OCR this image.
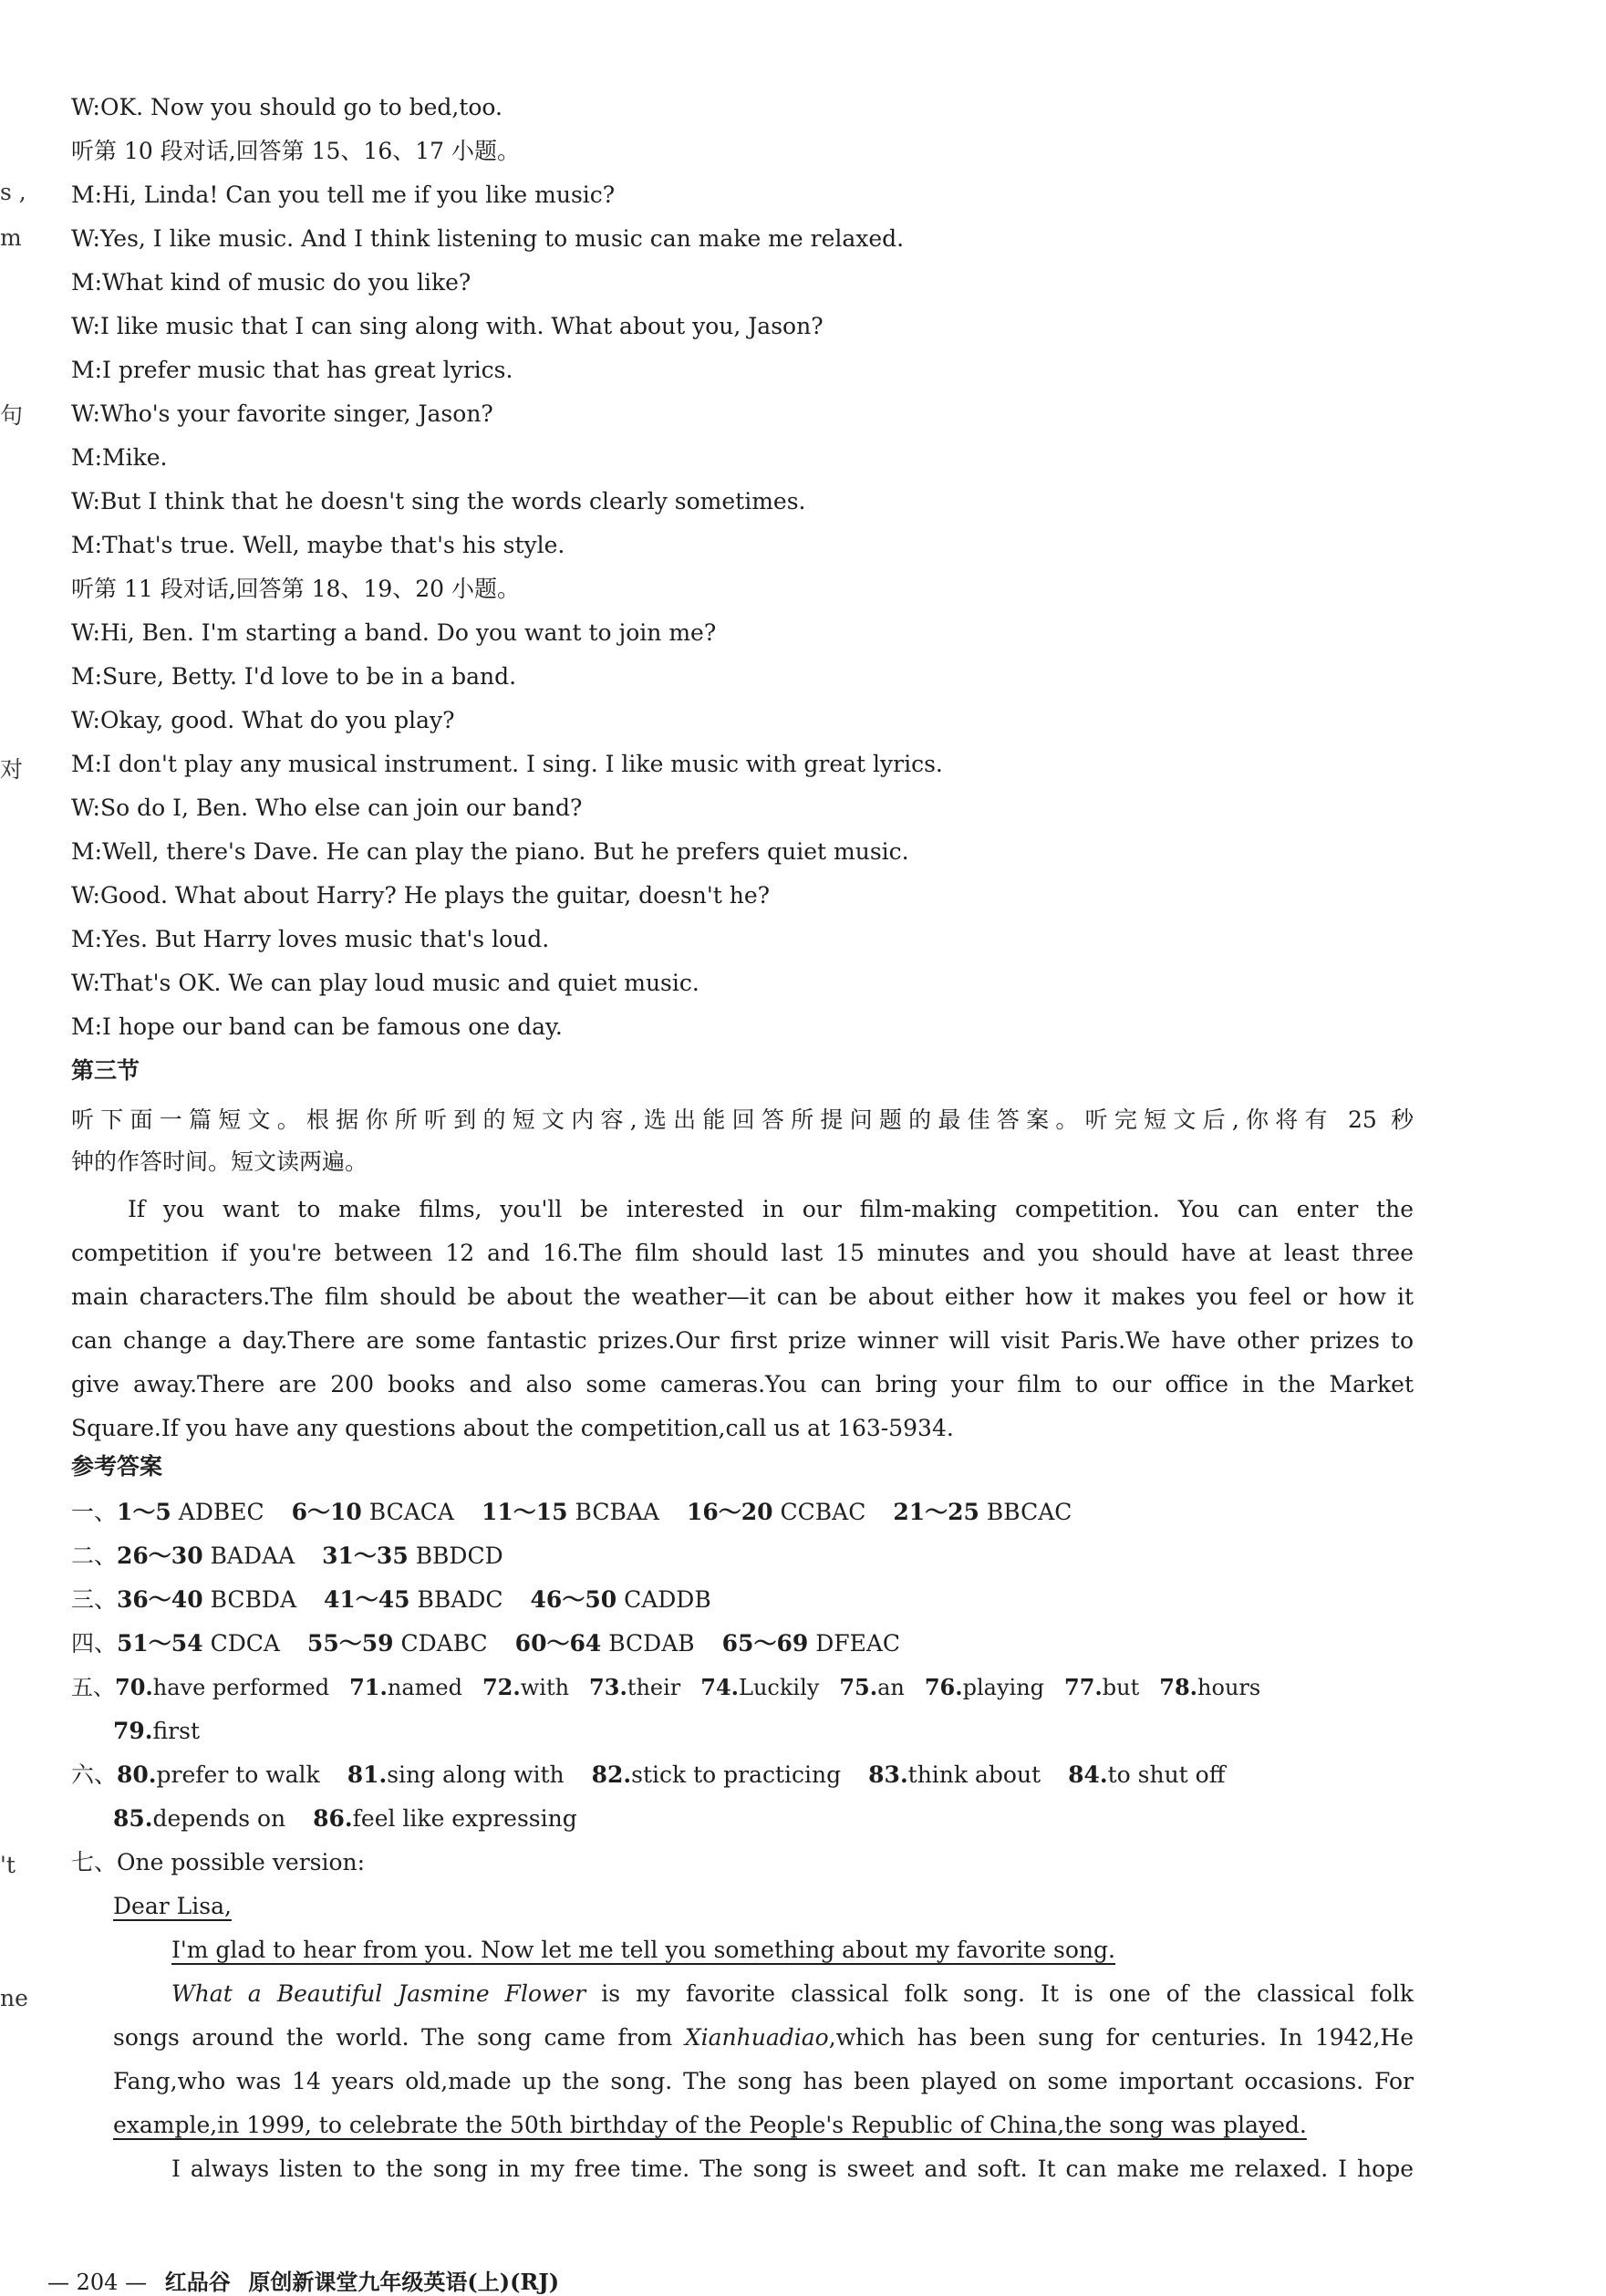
s ,
m
句
对
't
ne
W:OK. Now you should go to bed,too.
听第 10 段对话,回答第 15、16、17 小题。
M:Hi, Linda! Can you tell me if you like music?
W:Yes, I like music. And I think listening to music can make me relaxed.
M:What kind of music do you like?
W:I like music that I can sing along with. What about you, Jason?
M:I prefer music that has great lyrics.
W:Who's your favorite singer, Jason?
M:Mike.
W:But I think that he doesn't sing the words clearly sometimes.
M:That's true. Well, maybe that's his style.
听第 11 段对话,回答第 18、19、20 小题。
W:Hi, Ben. I'm starting a band. Do you want to join me?
M:Sure, Betty. I'd love to be in a band.
W:Okay, good. What do you play?
M:I don't play any musical instrument. I sing. I like music with great lyrics.
W:So do I, Ben. Who else can join our band?
M:Well, there's Dave. He can play the piano. But he prefers quiet music.
W:Good. What about Harry? He plays the guitar, doesn't he?
M:Yes. But Harry loves music that's loud.
W:That's OK. We can play loud music and quiet music.
M:I hope our band can be famous one day.
第三节
听下面一篇短文。根据你所听到的短文内容,选出能回答所提问题的最佳答案。听完短文后,你将有 25 秒
钟的作答时间。短文读两遍。
If you want to make films, you'll be interested in our film-making competition. You can enter the
competition if you're between 12 and 16.The film should last 15 minutes and you should have at least three
main characters.The film should be about the weather—it can be about either how it makes you feel or how it
can change a day.There are some fantastic prizes.Our first prize winner will visit Paris.We have other prizes to
give away.There are 200 books and also some cameras.You can bring your film to our office in the Market
Square.If you have any questions about the competition,call us at 163-5934.
参考答案
一、1～5 ADBEC 6～10 BCACA 11～15 BCBAA 16～20 CCBAC 21～25 BBCAC
二、26～30 BADAA 31～35 BBDCD
三、36～40 BCBDA 41～45 BBADC 46～50 CADDB
四、51～54 CDCA 55～59 CDABC 60～64 BCDAB 65～69 DFEAC
五、70.have performed 71.named 72.with 73.their 74.Luckily 75.an 76.playing 77.but 78.hours
79.first
六、80.prefer to walk 81.sing along with 82.stick to practicing 83.think about 84.to shut off
85.depends on 86.feel like expressing
七、One possible version:
Dear Lisa,
I'm glad to hear from you. Now let me tell you something about my favorite song.
What a Beautiful Jasmine Flower is my favorite classical folk song. It is one of the classical folk
songs around the world. The song came from Xianhuadiao,which has been sung for centuries. In 1942,He
Fang,who was 14 years old,made up the song. The song has been played on some important occasions. For
example,in 1999, to celebrate the 50th birthday of the People's Republic of China,the song was played.
I always listen to the song in my free time. The song is sweet and soft. It can make me relaxed. I hope
— 204 — 红品谷 原创新课堂九年级英语(上)(RJ)
